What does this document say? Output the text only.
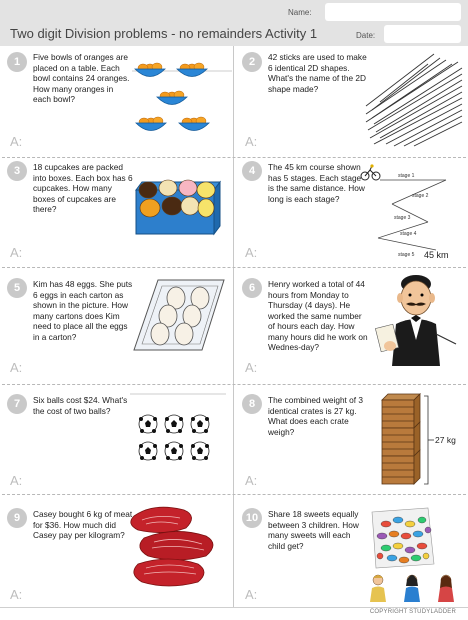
Name:
Two digit Division problems - no remainders Activity 1	Date:
1	Five bowls of oranges are placed on a table. Each bowl contains 24 oranges. How many oranges in each bowl?
A:
2	42 sticks are used to make 6 identical 2D shapes. What's the name of the 2D shape made?
A:
3	18 cupcakes are packed into boxes. Each box has 6 cupcakes. How many boxes of cupcakes are there?
A:
4	The 45 km course shown has 5 stages. Each stage is the same distance. How long is each stage?
stage 1
stage 2
stage 3
stage 4
stage 5 45 km
A:
5	Kim has 48 eggs. She puts 6 eggs in each carton as shown in the picture. How many cartons does Kim need to place all the eggs in a carton?
A:
6	Henry worked a total of 44 hours from Monday to Thursday (4 days). He worked the same number of hours each day. How many hours did he work on Wednes-day?
A:
7	Six balls cost $24. What's the cost of two balls?
A:
8	The combined weight of 3 identical crates is 27 kg. What does each crate weigh?
27 kg
A:
9	Casey bought 6 kg of meat for $36. How much did Casey pay per kilogram?
A:
10	Share 18 sweets equally between 3 children. How many sweets will each child get?
A:
COPYRIGHT STUDYLADDER
